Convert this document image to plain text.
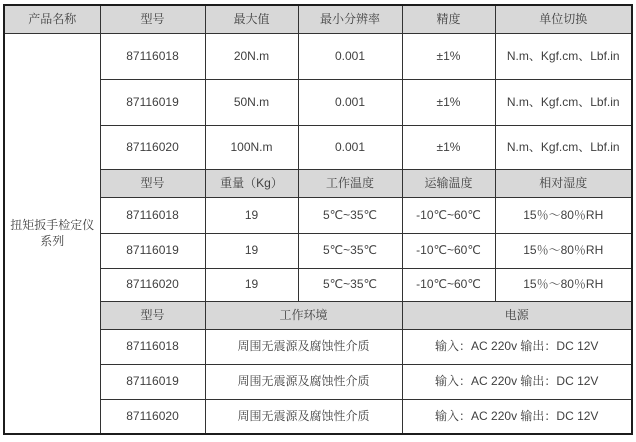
产品名称	型号	最大值	最小分辨率	精度	单位切换
扭矩扳手检定仪系列	87116018	20N.m	0.001	±1%	N.m、Kgf.cm、Lbf.in
	87116019	50N.m	0.001	±1%	N.m、Kgf.cm、Lbf.in
	87116020	100N.m	0.001	±1%	N.m、Kgf.cm、Lbf.in
	型号	重量（Kg）	工作温度	运输温度	相对湿度
	87116018	19	5℃~35℃	-10℃~60℃	15％～80％RH
	87116019	19	5℃~35℃	-10℃~60℃	15％～80％RH
	87116020	19	5℃~35℃	-10℃~60℃	15％～80％RH
	型号	工作环境		电源	
	87116018	周围无震源及腐蚀性介质		输入：AC 220v 输出：DC 12V	
	87116019	周围无震源及腐蚀性介质		输入：AC 220v 输出：DC 12V	
	87116020	周围无震源及腐蚀性介质		输入：AC 220v 输出：DC 12V	
